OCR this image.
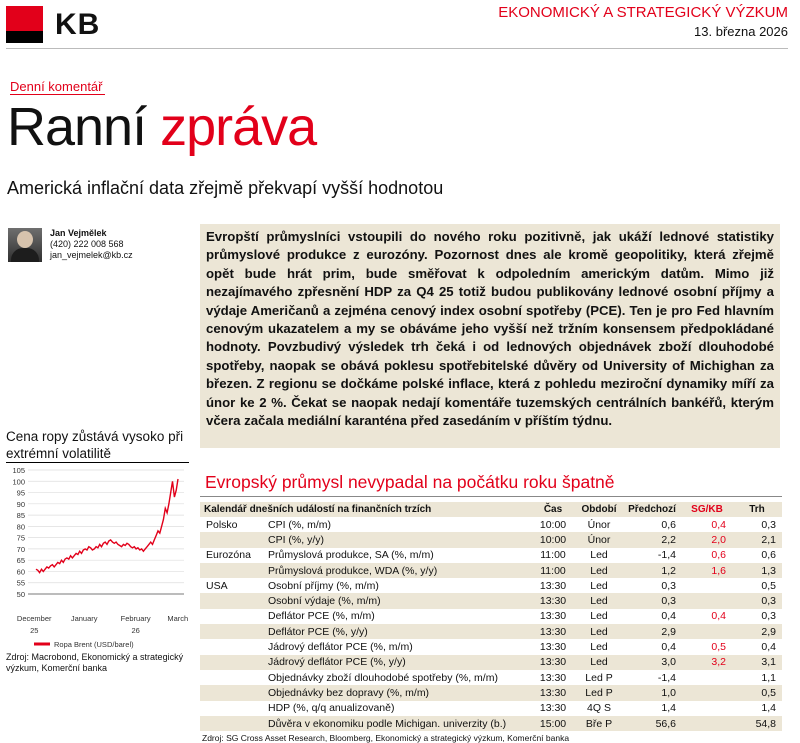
KB	EKONOMICKÝ A STRATEGICKÝ VÝZKUM
13. března 2026
Denní komentář
Ranní zpráva
Americká inflační data zřejmě překvapí vyšší hodnotou
Jan Vejmělek
(420) 222 008 568
jan_vejmelek@kb.cz
Evropští průmyslníci vstoupili do nového roku pozitivně, jak ukáží lednové statistiky průmyslové produkce z eurozóny. Pozornost dnes ale kromě geopolitiky, která zřejmě opět bude hrát prim, bude směřovat k odpoledním americkým datům. Mimo již nezajímavého zpřesnění HDP za Q4 25 totiž budou publikovány lednové osobní příjmy a výdaje Američanů a zejména cenový index osobní spotřeby (PCE). Ten je pro Fed hlavním cenovým ukazatelem a my se obáváme jeho vyšší než tržním konsensem předpokládané hodnoty. Povzbudivý výsledek trh čeká i od lednových objednávek zboží dlouhodobé spotřeby, naopak se obává poklesu spotřebitelské důvěry od University of Michighan za březen. Z regionu se dočkáme polské inflace, která z pohledu meziroční dynamiky míří za únor ke 2 %. Čekat se naopak nedají komentáře tuzemských centrálních bankéřů, kterým včera začala mediální karanténa před zasedáním v příštím týdnu.
Cena ropy zůstává vysoko při extrémní volatilitě
50
55
60
65
70
75
80
85
90
95
100
105
December
25
January	February
26
March
Ropa Brent (USD/barel)
Zdroj: Macrobond, Ekonomický a strategický výzkum, Komerční banka
Evropský průmysl nevypadal na počátku roku špatně
Kalendář dnešních událostí na finančních trzích		Čas	Období	Předchozí	SG/KB	Trh
Polsko	CPI (%, m/m)	10:00	Únor	0,6	0,4	0,3
	CPI (%, y/y)	10:00	Únor	2,2	2,0	2,1
Eurozóna	Průmyslová produkce, SA (%, m/m)	11:00	Led	-1,4	0,6	0,6
	Průmyslová produkce, WDA (%, y/y)	11:00	Led	1,2	1,6	1,3
USA	Osobní příjmy (%, m/m)	13:30	Led	0,3		0,5
	Osobní výdaje (%, m/m)	13:30	Led	0,3		0,3
	Deflátor PCE (%, m/m)	13:30	Led	0,4	0,4	0,3
	Deflátor PCE (%, y/y)	13:30	Led	2,9		2,9
	Jádrový deflátor PCE (%, m/m)	13:30	Led	0,4	0,5	0,4
	Jádrový deflátor PCE (%, y/y)	13:30	Led	3,0	3,2	3,1
	Objednávky zboží dlouhodobé spotřeby (%, m/m)	13:30	Led P	-1,4		1,1
	Objednávky bez dopravy (%, m/m)	13:30	Led P	1,0		0,5
	HDP (%, q/q anualizovaně)	13:30	4Q S	1,4		1,4
	Důvěra v ekonomiku podle Michigan. univerzity (b.)	15:00	Bře P	56,6		54,8
Zdroj: SG Cross Asset Research, Bloomberg, Ekonomický a strategický výzkum, Komerční banka
